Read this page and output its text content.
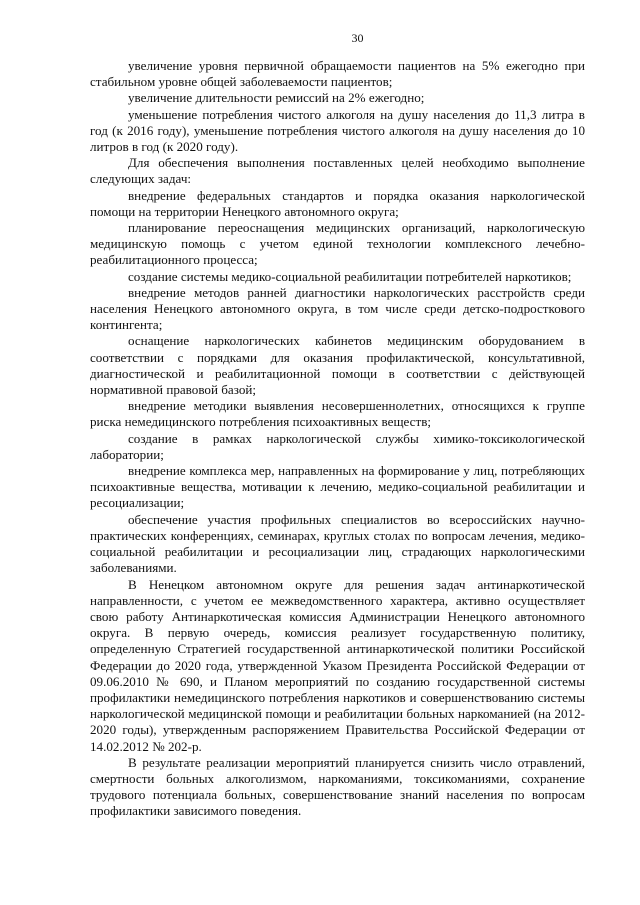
30

увеличение уровня первичной обращаемости пациентов на 5% ежегодно при стабильном уровне общей заболеваемости пациентов;

увеличение длительности ремиссий на 2% ежегодно;

уменьшение потребления чистого алкоголя на душу населения до 11,3 литра в год (к 2016 году), уменьшение потребления чистого алкоголя на душу населения до 10 литров в год (к 2020 году).

Для обеспечения выполнения поставленных целей необходимо выполнение следующих задач:

внедрение федеральных стандартов и порядка оказания наркологической помощи на территории Ненецкого автономного округа;

планирование переоснащения медицинских организаций, наркологическую медицинскую помощь с учетом единой технологии комплексного лечебно-реабилитационного процесса;

создание системы медико-социальной реабилитации потребителей наркотиков;

внедрение методов ранней диагностики наркологических расстройств среди населения Ненецкого автономного округа, в том числе среди детско-подросткового контингента;

оснащение наркологических кабинетов медицинским оборудованием в соответствии с порядками для оказания профилактической, консультативной, диагностической и реабилитационной помощи в соответствии с действующей нормативной правовой базой;

внедрение методики выявления несовершеннолетних, относящихся к группе риска немедицинского потребления психоактивных веществ;

создание в рамках наркологической службы химико-токсикологической лаборатории;

внедрение комплекса мер, направленных на формирование у лиц, потребляющих психоактивные вещества, мотивации к лечению, медико-социальной реабилитации и ресоциализации;

обеспечение участия профильных специалистов во всероссийских научно-практических конференциях, семинарах, круглых столах по вопросам лечения, медико-социальной реабилитации и ресоциализации лиц, страдающих наркологическими заболеваниями.

В Ненецком автономном округе для решения задач антинаркотической направленности, с учетом ее межведомственного характера, активно осуществляет свою работу Антинаркотическая комиссия Администрации Ненецкого автономного округа. В первую очередь, комиссия реализует государственную политику, определенную Стратегией государственной антинаркотической политики Российской Федерации до 2020 года, утвержденной Указом Президента Российской Федерации от 09.06.2010 № 690, и Планом мероприятий по созданию государственной системы профилактики немедицинского потребления наркотиков и совершенствованию системы наркологической медицинской помощи и реабилитации больных наркоманией (на 2012-2020 годы), утвержденным распоряжением Правительства Российской Федерации от 14.02.2012 № 202-р.

В результате реализации мероприятий планируется снизить число отравлений, смертности больных алкоголизмом, наркоманиями, токсикоманиями, сохранение трудового потенциала больных, совершенствование знаний населения по вопросам профилактики зависимого поведения.
